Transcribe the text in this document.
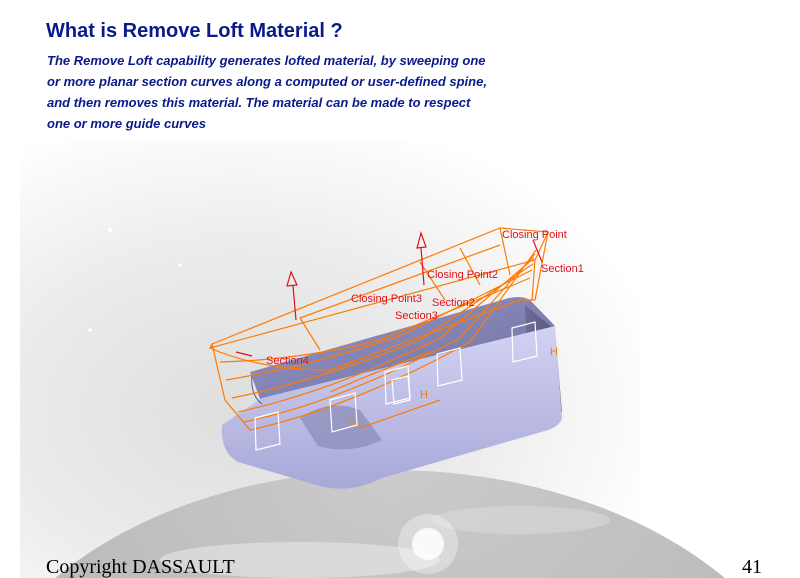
What is Remove Loft Material ?

The Remove Loft capability generates lofted material, by sweeping one
or more planar section curves along a computed or user-defined spine,
and then removes this material. The material can be made to respect
one or more guide curves

Closing Point
Section1
Closing Point2
Closing Point3 Section2
Section3
Section4
H
H

Copyright DASSAULT	41
